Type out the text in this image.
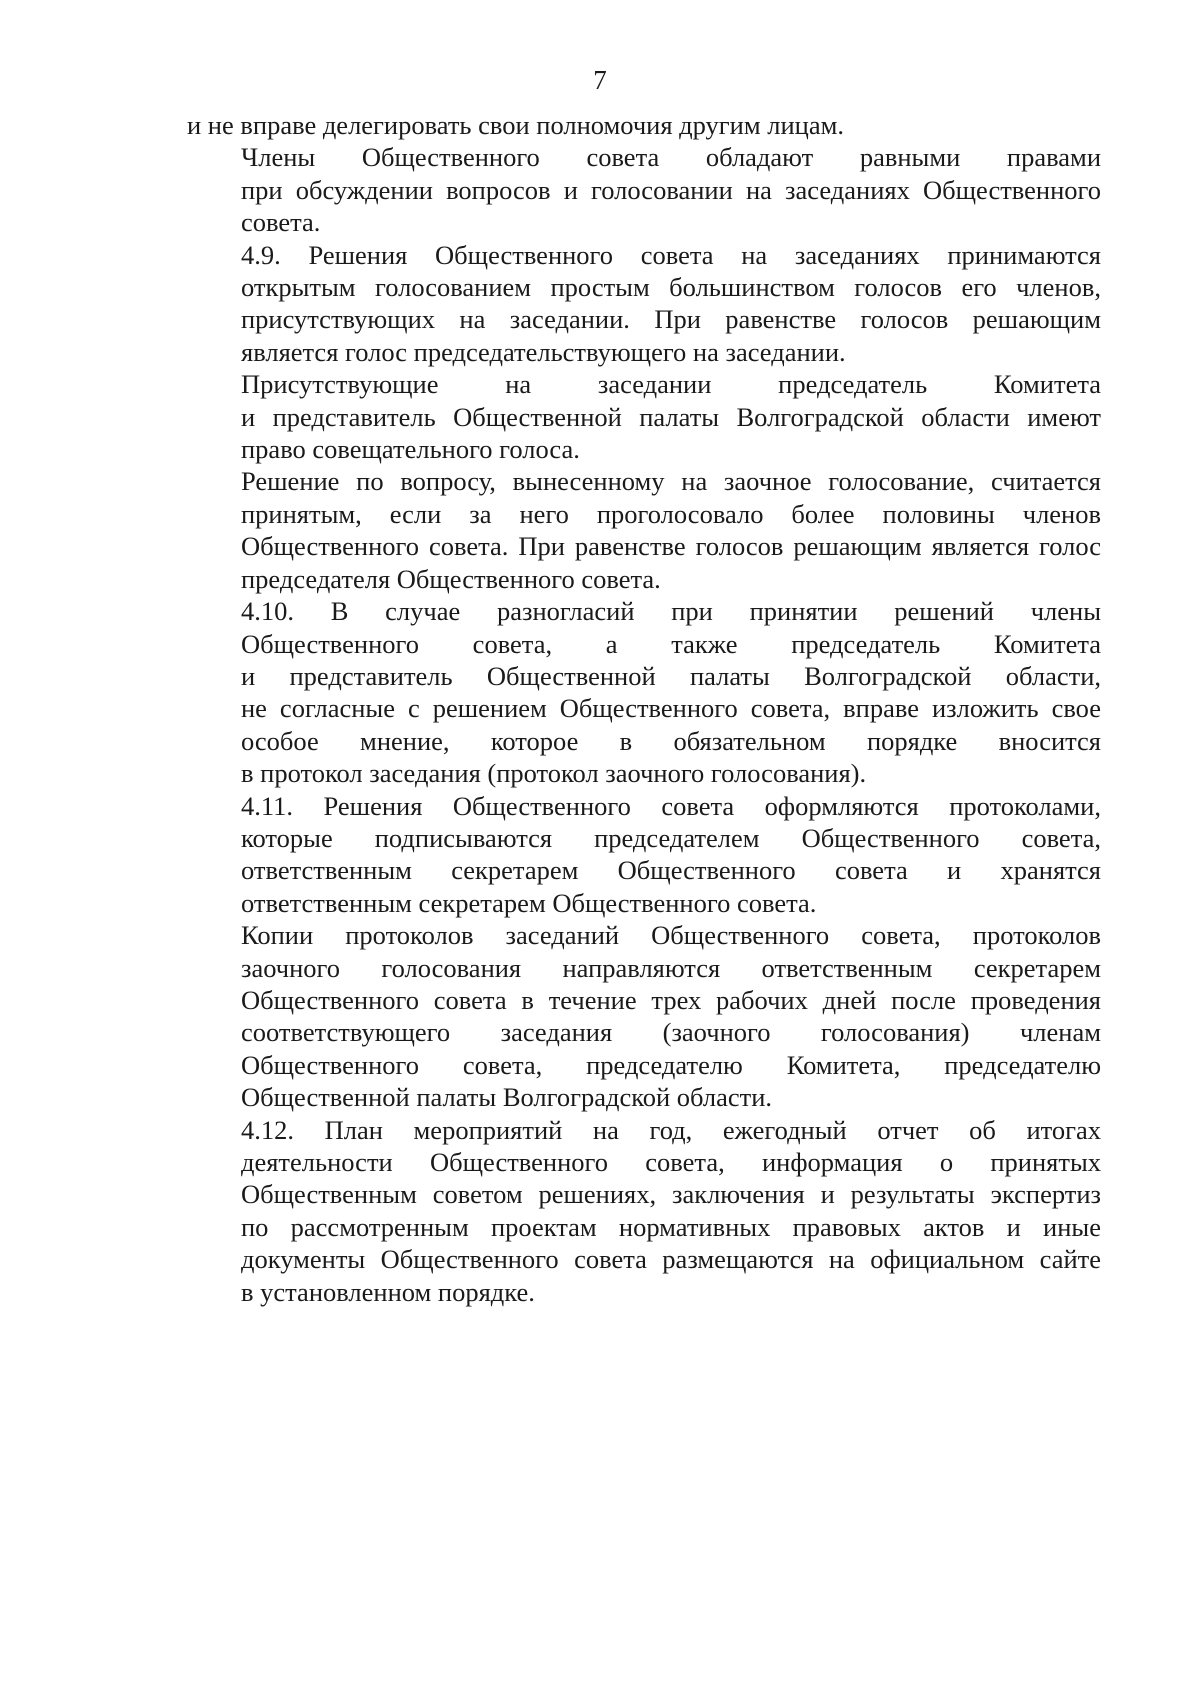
7

и не вправе делегировать свои полномочия другим лицам.

Члены Общественного совета обладают равными правами
при обсуждении вопросов и голосовании на заседаниях Общественного
совета.

4.9. Решения Общественного совета на заседаниях принимаются
открытым голосованием простым большинством голосов его членов,
присутствующих на заседании. При равенстве голосов решающим
является голос председательствующего на заседании.

Присутствующие на заседании председатель Комитета
и представитель Общественной палаты Волгоградской области имеют
право совещательного голоса.

Решение по вопросу, вынесенному на заочное голосование, считается
принятым, если за него проголосовало более половины членов
Общественного совета. При равенстве голосов решающим является голос
председателя Общественного совета.

4.10. В случае разногласий при принятии решений члены
Общественного совета, а также председатель Комитета
и представитель Общественной палаты Волгоградской области,
не согласные с решением Общественного совета, вправе изложить свое
особое мнение, которое в обязательном порядке вносится
в протокол заседания (протокол заочного голосования).

4.11. Решения Общественного совета оформляются протоколами,
которые подписываются председателем Общественного совета,
ответственным секретарем Общественного совета и хранятся
ответственным секретарем Общественного совета.

Копии протоколов заседаний Общественного совета, протоколов
заочного голосования направляются ответственным секретарем
Общественного совета в течение трех рабочих дней после проведения
соответствующего заседания (заочного голосования) членам
Общественного совета, председателю Комитета, председателю
Общественной палаты Волгоградской области.

4.12. План мероприятий на год, ежегодный отчет об итогах
деятельности Общественного совета, информация о принятых
Общественным советом решениях, заключения и результаты экспертиз
по рассмотренным проектам нормативных правовых актов и иные
документы Общественного совета размещаются на официальном сайте
в установленном порядке.
